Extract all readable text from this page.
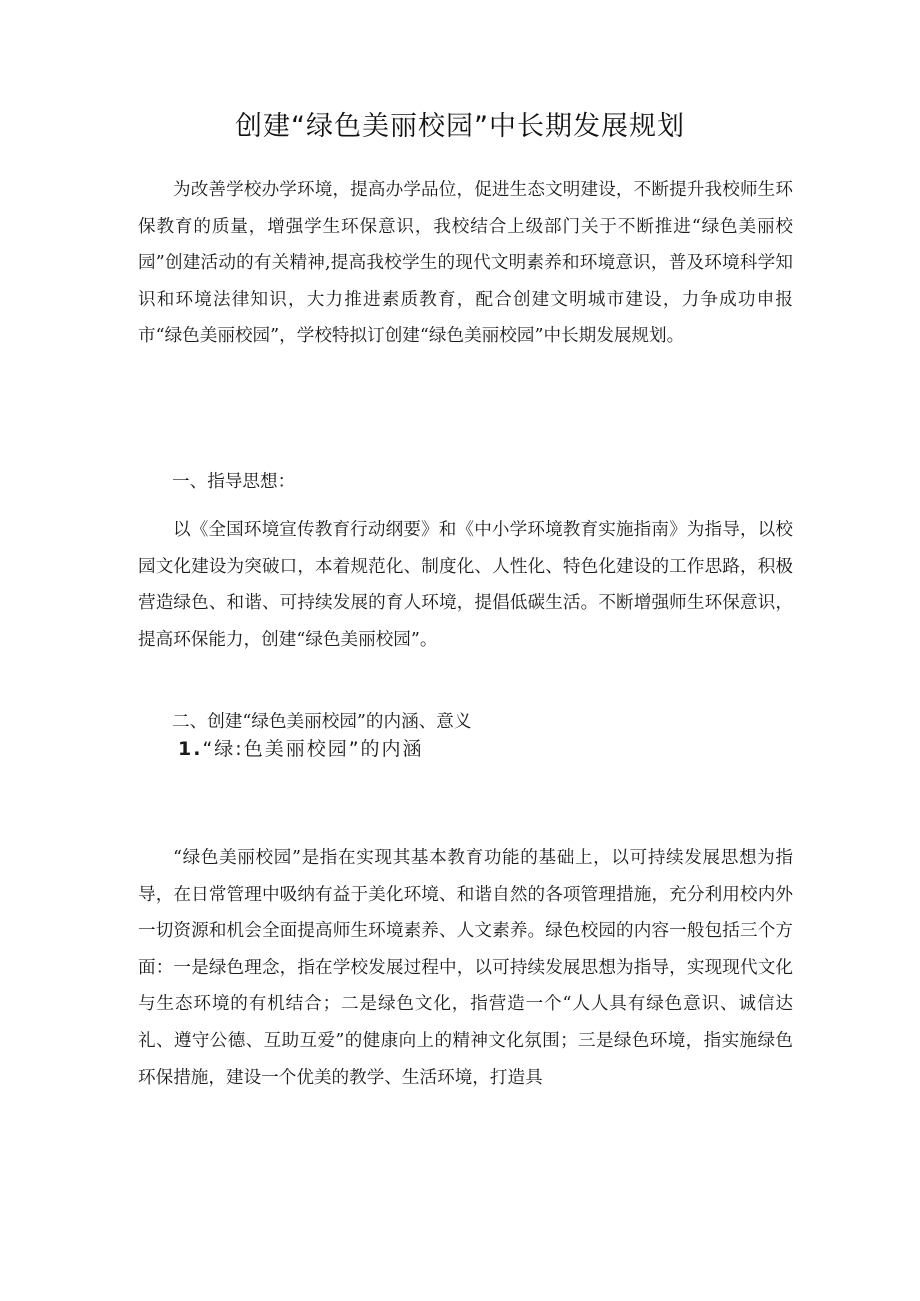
创建“绿色美丽校园”中长期发展规划

为改善学校办学环境，提高办学品位，促进生态文明建设，不断提升我校师生环保教育的质量，增强学生环保意识，我校结合上级部门关于不断推进“绿色美丽校园”创建活动的有关精神,提高我校学生的现代文明素养和环境意识，普及环境科学知识和环境法律知识，大力推进素质教育，配合创建文明城市建设，力争成功申报市“绿色美丽校园”，学校特拟订创建“绿色美丽校园”中长期发展规划。

一、指导思想：

以《全国环境宣传教育行动纲要》和《中小学环境教育实施指南》为指导，以校园文化建设为突破口，本着规范化、制度化、人性化、特色化建设的工作思路，积极营造绿色、和谐、可持续发展的育人环境，提倡低碳生活。不断增强师生环保意识，提高环保能力，创建“绿色美丽校园”。

二、创建“绿色美丽校园”的内涵、意义

1.“绿:色美丽校园”的内涵

“绿色美丽校园”是指在实现其基本教育功能的基础上，以可持续发展思想为指导，在日常管理中吸纳有益于美化环境、和谐自然的各项管理措施，充分利用校内外一切资源和机会全面提高师生环境素养、人文素养。绿色校园的内容一般包括三个方面：一是绿色理念，指在学校发展过程中，以可持续发展思想为指导，实现现代文化与生态环境的有机结合；二是绿色文化，指营造一个“人人具有绿色意识、诚信达礼、遵守公德、互助互爱”的健康向上的精神文化氛围；三是绿色环境，指实施绿色环保措施，建设一个优美的教学、生活环境，打造具
